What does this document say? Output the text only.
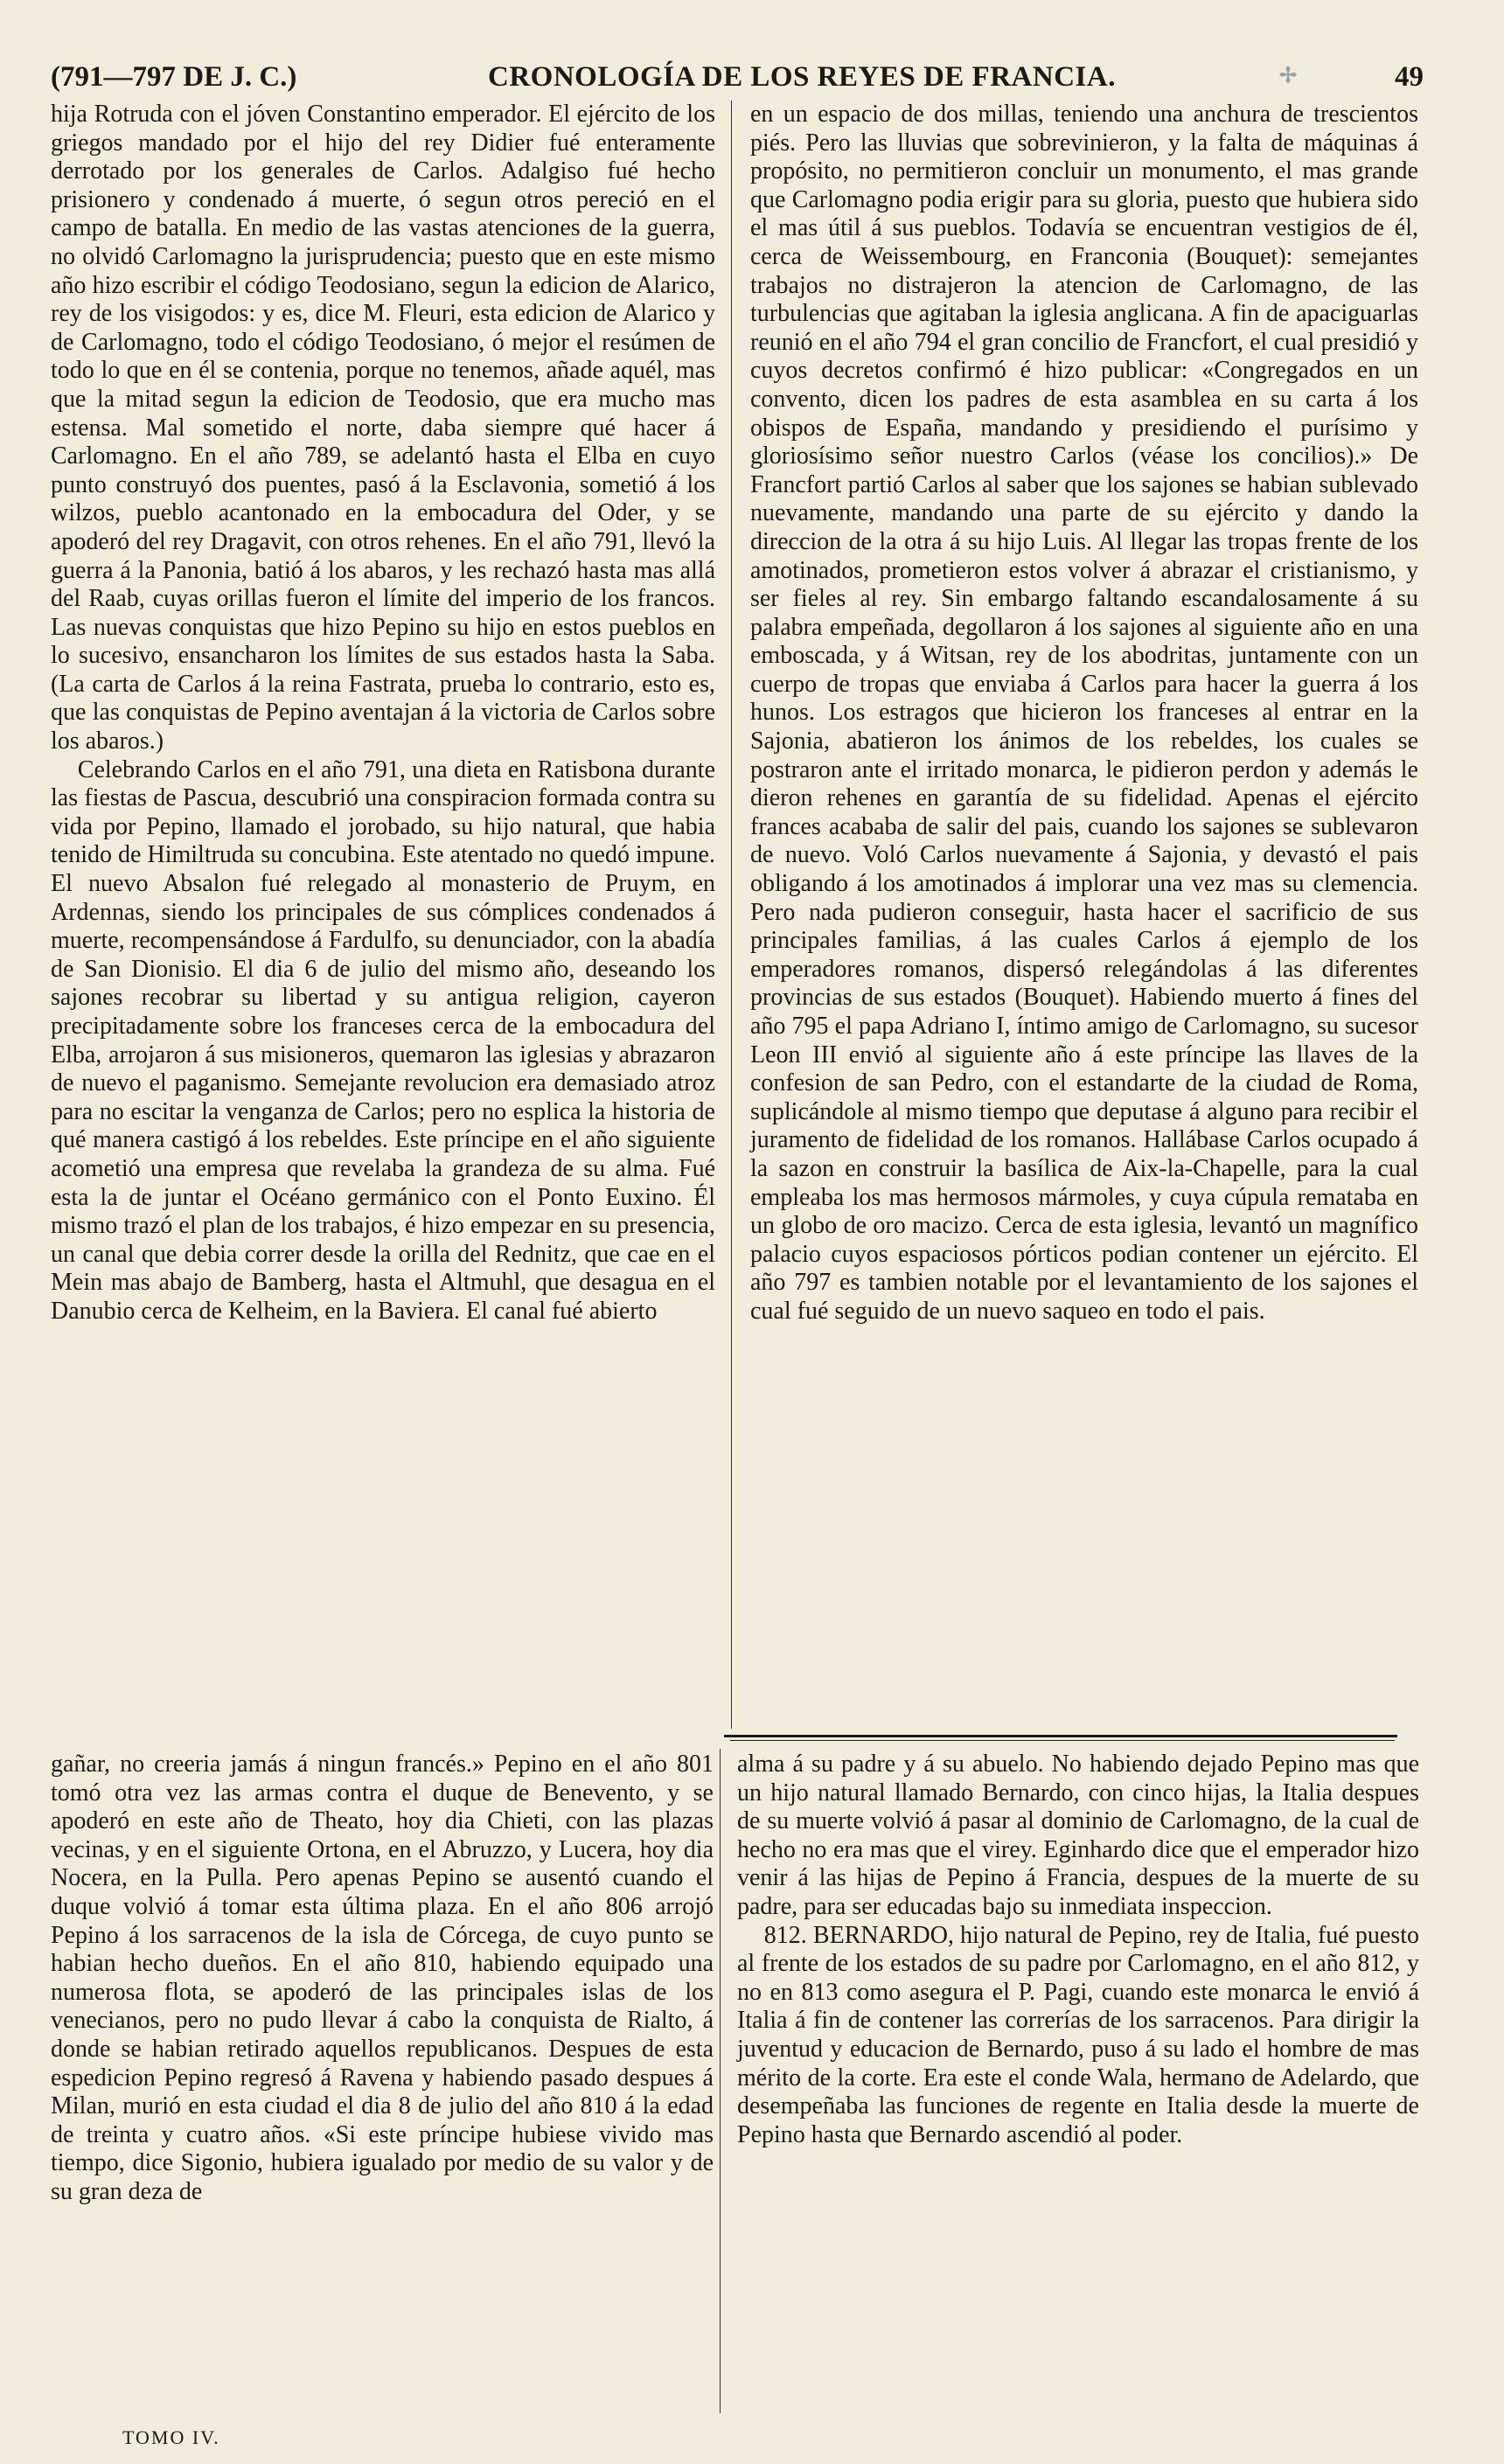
(791—797 DE J. C.)	CRONOLOGÍA DE LOS REYES DE FRANCIA.	✢	49

hija Rotruda con el jóven Constantino emperador. El ejército de los griegos mandado por el hijo del rey Didier fué enteramente derrotado por los generales de Carlos. Adalgiso fué hecho prisionero y condenado á muerte, ó segun otros pereció en el campo de batalla. En medio de las vastas atenciones de la guerra, no olvidó Carlomagno la jurisprudencia; puesto que en este mismo año hizo escribir el código Teodosiano, segun la edicion de Alarico, rey de los visigodos: y es, dice M. Fleuri, esta edicion de Alarico y de Carlomagno, todo el código Teodosiano, ó mejor el resúmen de todo lo que en él se contenia, porque no tenemos, añade aquél, mas que la mitad segun la edicion de Teodosio, que era mucho mas estensa. Mal sometido el norte, daba siempre qué hacer á Carlomagno. En el año 789, se adelantó hasta el Elba en cuyo punto construyó dos puentes, pasó á la Esclavonia, sometió á los wilzos, pueblo acantonado en la embocadura del Oder, y se apoderó del rey Dragavit, con otros rehenes. En el año 791, llevó la guerra á la Panonia, batió á los abaros, y les rechazó hasta mas allá del Raab, cuyas orillas fueron el límite del imperio de los francos. Las nuevas conquistas que hizo Pepino su hijo en estos pueblos en lo sucesivo, ensancharon los límites de sus estados hasta la Saba. (La carta de Carlos á la reina Fastrata, prueba lo contrario, esto es, que las conquistas de Pepino aventajan á la victoria de Carlos sobre los abaros.)

Celebrando Carlos en el año 791, una dieta en Ratisbona durante las fiestas de Pascua, descubrió una conspiracion formada contra su vida por Pepino, llamado el jorobado, su hijo natural, que habia tenido de Himiltruda su concubina. Este atentado no quedó impune. El nuevo Absalon fué relegado al monasterio de Pruym, en Ardennas, siendo los principales de sus cómplices condenados á muerte, recompensándose á Fardulfo, su denunciador, con la abadía de San Dionisio. El dia 6 de julio del mismo año, deseando los sajones recobrar su libertad y su antigua religion, cayeron precipitadamente sobre los franceses cerca de la embocadura del Elba, arrojaron á sus misioneros, quemaron las iglesias y abrazaron de nuevo el paganismo. Semejante revolucion era demasiado atroz para no escitar la venganza de Carlos; pero no esplica la historia de qué manera castigó á los rebeldes. Este príncipe en el año siguiente acometió una empresa que revelaba la grandeza de su alma. Fué esta la de juntar el Océano germánico con el Ponto Euxino. Él mismo trazó el plan de los trabajos, é hizo empezar en su presencia, un canal que debia correr desde la orilla del Rednitz, que cae en el Mein mas abajo de Bamberg, hasta el Altmuhl, que desagua en el Danubio cerca de Kelheim, en la Baviera. El canal fué abierto

en un espacio de dos millas, teniendo una anchura de trescientos piés. Pero las lluvias que sobrevinieron, y la falta de máquinas á propósito, no permitieron concluir un monumento, el mas grande que Carlomagno podia erigir para su gloria, puesto que hubiera sido el mas útil á sus pueblos. Todavía se encuentran vestigios de él, cerca de Weissembourg, en Franconia (Bouquet): semejantes trabajos no distrajeron la atencion de Carlomagno, de las turbulencias que agitaban la iglesia anglicana. A fin de apaciguarlas reunió en el año 794 el gran concilio de Francfort, el cual presidió y cuyos decretos confirmó é hizo publicar: «Congregados en un convento, dicen los padres de esta asamblea en su carta á los obispos de España, mandando y presidiendo el purísimo y gloriosísimo señor nuestro Carlos (véase los concilios).» De Francfort partió Carlos al saber que los sajones se habian sublevado nuevamente, mandando una parte de su ejército y dando la direccion de la otra á su hijo Luis. Al llegar las tropas frente de los amotinados, prometieron estos volver á abrazar el cristianismo, y ser fieles al rey. Sin embargo faltando escandalosamente á su palabra empeñada, degollaron á los sajones al siguiente año en una emboscada, y á Witsan, rey de los abodritas, juntamente con un cuerpo de tropas que enviaba á Carlos para hacer la guerra á los hunos. Los estragos que hicieron los franceses al entrar en la Sajonia, abatieron los ánimos de los rebeldes, los cuales se postraron ante el irritado monarca, le pidieron perdon y además le dieron rehenes en garantía de su fidelidad. Apenas el ejército frances acababa de salir del pais, cuando los sajones se sublevaron de nuevo. Voló Carlos nuevamente á Sajonia, y devastó el pais obligando á los amotinados á implorar una vez mas su clemencia. Pero nada pudieron conseguir, hasta hacer el sacrificio de sus principales familias, á las cuales Carlos á ejemplo de los emperadores romanos, dispersó relegándolas á las diferentes provincias de sus estados (Bouquet). Habiendo muerto á fines del año 795 el papa Adriano I, íntimo amigo de Carlomagno, su sucesor Leon III envió al siguiente año á este príncipe las llaves de la confesion de san Pedro, con el estandarte de la ciudad de Roma, suplicándole al mismo tiempo que deputase á alguno para recibir el juramento de fidelidad de los romanos. Hallábase Carlos ocupado á la sazon en construir la basílica de Aix-la-Chapelle, para la cual empleaba los mas hermosos mármoles, y cuya cúpula remataba en un globo de oro macizo. Cerca de esta iglesia, levantó un magnífico palacio cuyos espaciosos pórticos podian contener un ejército. El año 797 es tambien notable por el levantamiento de los sajones el cual fué seguido de un nuevo saqueo en todo el pais.

gañar, no creeria jamás á ningun francés.» Pepino en el año 801 tomó otra vez las armas contra el duque de Benevento, y se apoderó en este año de Theato, hoy dia Chieti, con las plazas vecinas, y en el siguiente Ortona, en el Abruzzo, y Lucera, hoy dia Nocera, en la Pulla. Pero apenas Pepino se ausentó cuando el duque volvió á tomar esta última plaza. En el año 806 arrojó Pepino á los sarracenos de la isla de Córcega, de cuyo punto se habian hecho dueños. En el año 810, habiendo equipado una numerosa flota, se apoderó de las principales islas de los venecianos, pero no pudo llevar á cabo la conquista de Rialto, á donde se habian retirado aquellos republicanos. Despues de esta espedicion Pepino regresó á Ravena y habiendo pasado despues á Milan, murió en esta ciudad el dia 8 de julio del año 810 á la edad de treinta y cuatro años. «Si este príncipe hubiese vivido mas tiempo, dice Sigonio, hubiera igualado por medio de su valor y de su gran deza de

alma á su padre y á su abuelo. No habiendo dejado Pepino mas que un hijo natural llamado Bernardo, con cinco hijas, la Italia despues de su muerte volvió á pasar al dominio de Carlomagno, de la cual de hecho no era mas que el virey. Eginhardo dice que el emperador hizo venir á las hijas de Pepino á Francia, despues de la muerte de su padre, para ser educadas bajo su inmediata inspeccion.

812. BERNARDO, hijo natural de Pepino, rey de Italia, fué puesto al frente de los estados de su padre por Carlomagno, en el año 812, y no en 813 como asegura el P. Pagi, cuando este monarca le envió á Italia á fin de contener las correrías de los sarracenos. Para dirigir la juventud y educacion de Bernardo, puso á su lado el hombre de mas mérito de la corte. Era este el conde Wala, hermano de Adelardo, que desempeñaba las funciones de regente en Italia desde la muerte de Pepino hasta que Bernardo ascendió al poder.

TOMO IV.
